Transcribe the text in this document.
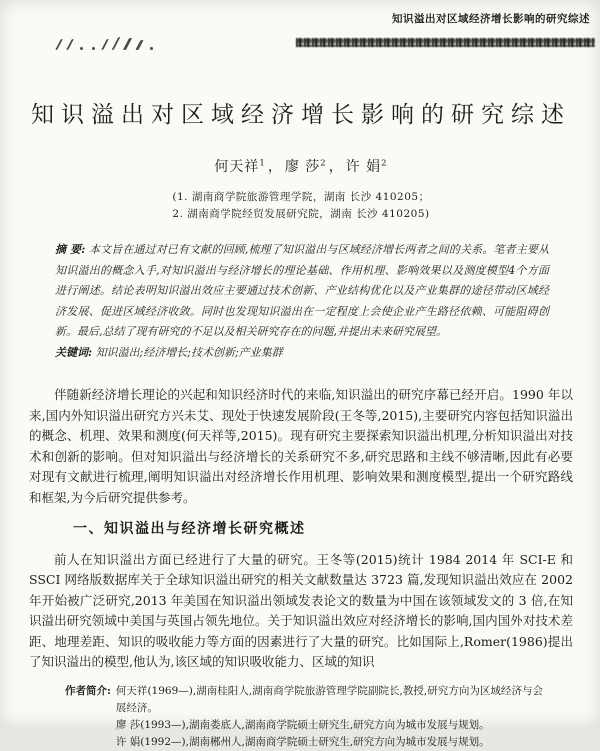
知识溢出对区域经济增长影响的研究综述
知识溢出对区域经济增长影响的研究综述
何天祥$^1$ ， 廖 莎$^2$ ， 许 娟$^2$
(1. 湖南商学院旅游管理学院，湖南 长沙 410205；
2. 湖南商学院经贸发展研究院，湖南 长沙 410205)
摘 要: 本文旨在通过对已有文献的回顾,梳理了知识溢出与区域经济增长两者之间的关系。笔者主要从知识溢出的概念入手,对知识溢出与经济增长的理论基础、作用机理、影响效果以及测度模型4个方面进行阐述。结论表明知识溢出效应主要通过技术创新、产业结构优化以及产业集群的途径带动区域经济发展、促进区域经济收敛。同时也发现知识溢出在一定程度上会使企业产生路径依赖、可能阻碍创新。最后,总结了现有研究的不足以及相关研究存在的问题,并提出未来研究展望。
关键词: 知识溢出;经济增长;技术创新;产业集群

伴随新经济增长理论的兴起和知识经济时代的来临,知识溢出的研究序幕已经开启。1990 年以来,国内外知识溢出研究方兴未艾、现处于快速发展阶段(王冬等,2015),主要研究内容包括知识溢出的概念、机理、效果和测度(何天祥等,2015)。现有研究主要探索知识溢出机理,分析知识溢出对技术和创新的影响。但对知识溢出与经济增长的关系研究不多,研究思路和主线不够清晰,因此有必要对现有文献进行梳理,阐明知识溢出对经济增长作用机理、影响效果和测度模型,提出一个研究路线和框架,为今后研究提供参考。

一、知识溢出与经济增长研究概述

前人在知识溢出方面已经进行了大量的研究。王冬等(2015)统计 1984 2014 年 SCI-E 和 SSCI 网络版数据库关于全球知识溢出研究的相关文献数量达 3723 篇,发现知识溢出效应在 2002 年开始被广泛研究,2013 年美国在知识溢出领域发表论文的数量为中国在该领域发文的 3 倍,在知识溢出研究领域中美国与英国占领先地位。关于知识溢出效应对经济增长的影响,国内国外对技术差距、地理差距、知识的吸收能力等方面的因素进行了大量的研究。比如国际上,Romer(1986)提出了知识溢出的模型,他认为,该区域的知识吸收能力、区域的知识

作者简介: 何天祥(1969—),湖南桂阳人,湖南商学院旅游管理学院副院长,教授,研究方向为区域经济与会展经济。
廖 莎(1993—),湖南娄底人,湖南商学院硕士研究生,研究方向为城市发展与规划。
许 娟(1992—),湖南郴州人,湖南商学院硕士研究生,研究方向为城市发展与规划。
